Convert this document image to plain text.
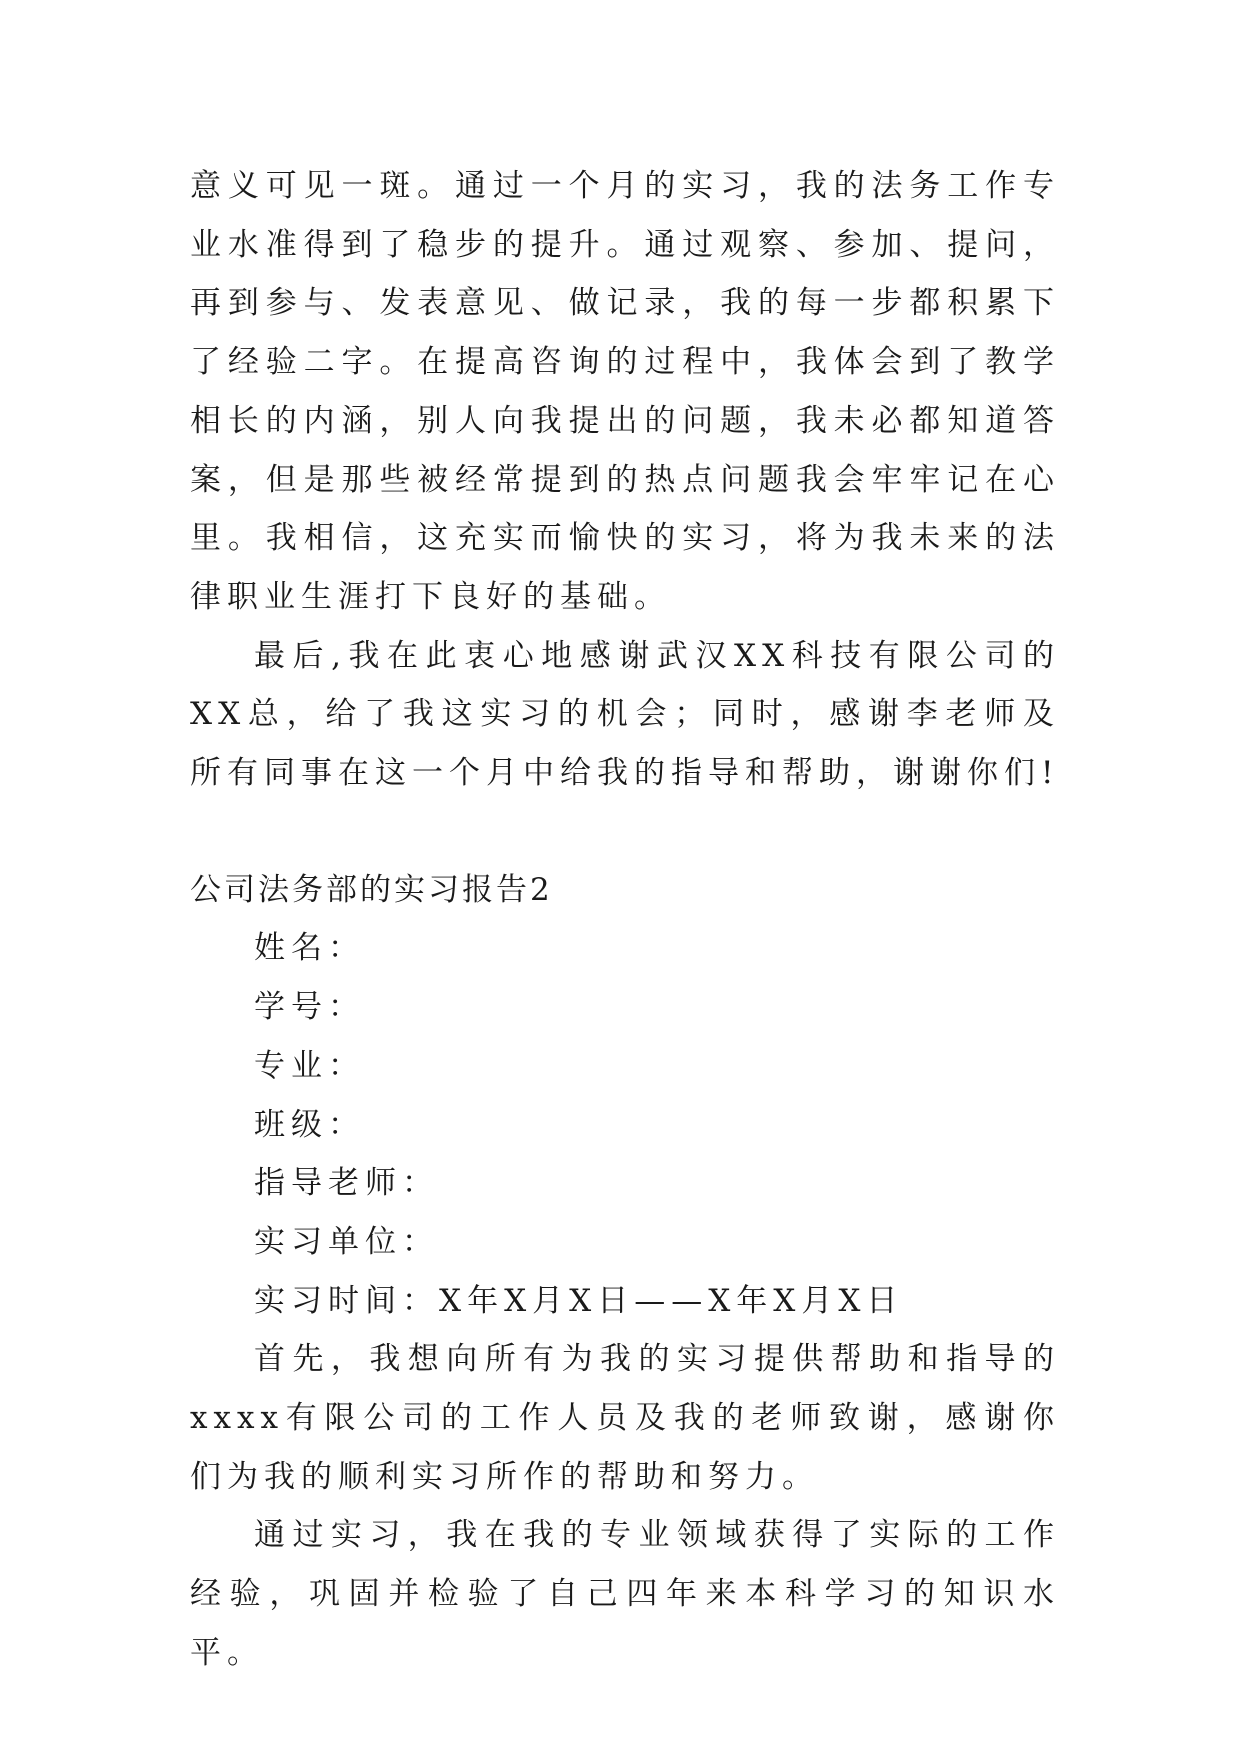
意义可见一斑。通过一个月的实习，我的法务工作专业水准得到了稳步的提升。通过观察、参加、提问，再到参与、发表意见、做记录，我的每一步都积累下了经验二字。在提高咨询的过程中，我体会到了教学相长的内涵，别人向我提出的问题，我未必都知道答案，但是那些被经常提到的热点问题我会牢牢记在心里。我相信，这充实而愉快的实习，将为我未来的法律职业生涯打下良好的基础。

最后,我在此衷心地感谢武汉XX科技有限公司的XX总，给了我这实习的机会；同时，感谢李老师及所有同事在这一个月中给我的指导和帮助，谢谢你们!

公司法务部的实习报告2

姓名：

学号：

专业：

班级：

指导老师：

实习单位：

实习时间：X年X月X日——X年X月X日

首先，我想向所有为我的实习提供帮助和指导的xxxx有限公司的工作人员及我的老师致谢，感谢你们为我的顺利实习所作的帮助和努力。

通过实习，我在我的专业领域获得了实际的工作经验，巩固并检验了自己四年来本科学习的知识水平。
